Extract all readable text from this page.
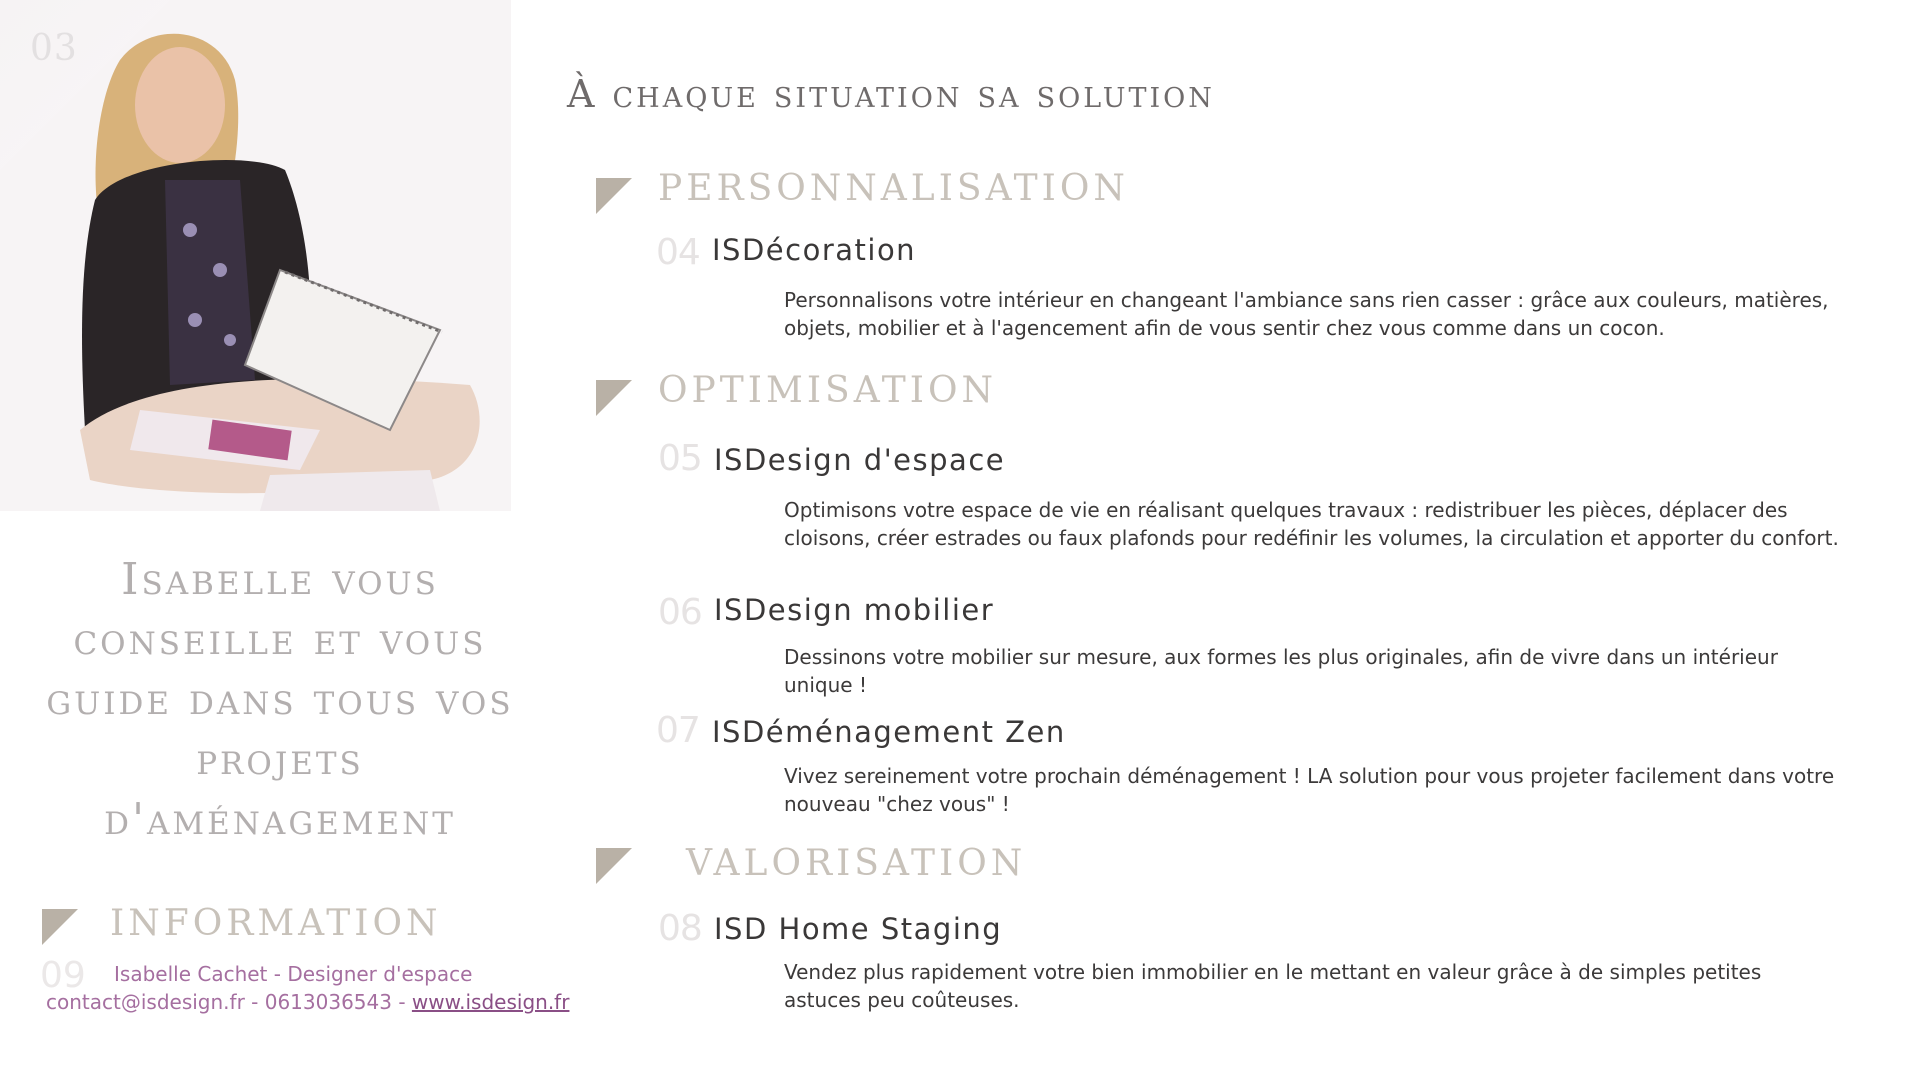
03
Isabelle vous conseille et vous guide dans tous vos projets d'aménagement
À chaque situation sa solution
PERSONNALISATION
04 ISDécoration
Personnalisons votre intérieur en changeant l'ambiance sans rien casser : grâce aux couleurs, matières, objets, mobilier et à l'agencement afin de vous sentir chez vous comme dans un cocon.
OPTIMISATION
05 ISDesign d'espace
Optimisons votre espace de vie en réalisant quelques travaux : redistribuer les pièces, déplacer des cloisons, créer estrades ou faux plafonds pour redéfinir les volumes, la circulation et apporter du confort.
06 ISDesign mobilier
Dessinons votre mobilier sur mesure, aux formes les plus originales, afin de vivre dans un intérieur unique !
07 ISDéménagement Zen
Vivez sereinement votre prochain déménagement ! LA solution pour vous projeter facilement dans votre nouveau "chez vous" !
VALORISATION
08 ISD Home Staging
Vendez plus rapidement votre bien immobilier en le mettant en valeur grâce à de simples petites astuces peu coûteuses.
INFORMATION
09 Isabelle Cachet - Designer d'espace
contact@isdesign.fr - 0613036543 - www.isdesign.fr
